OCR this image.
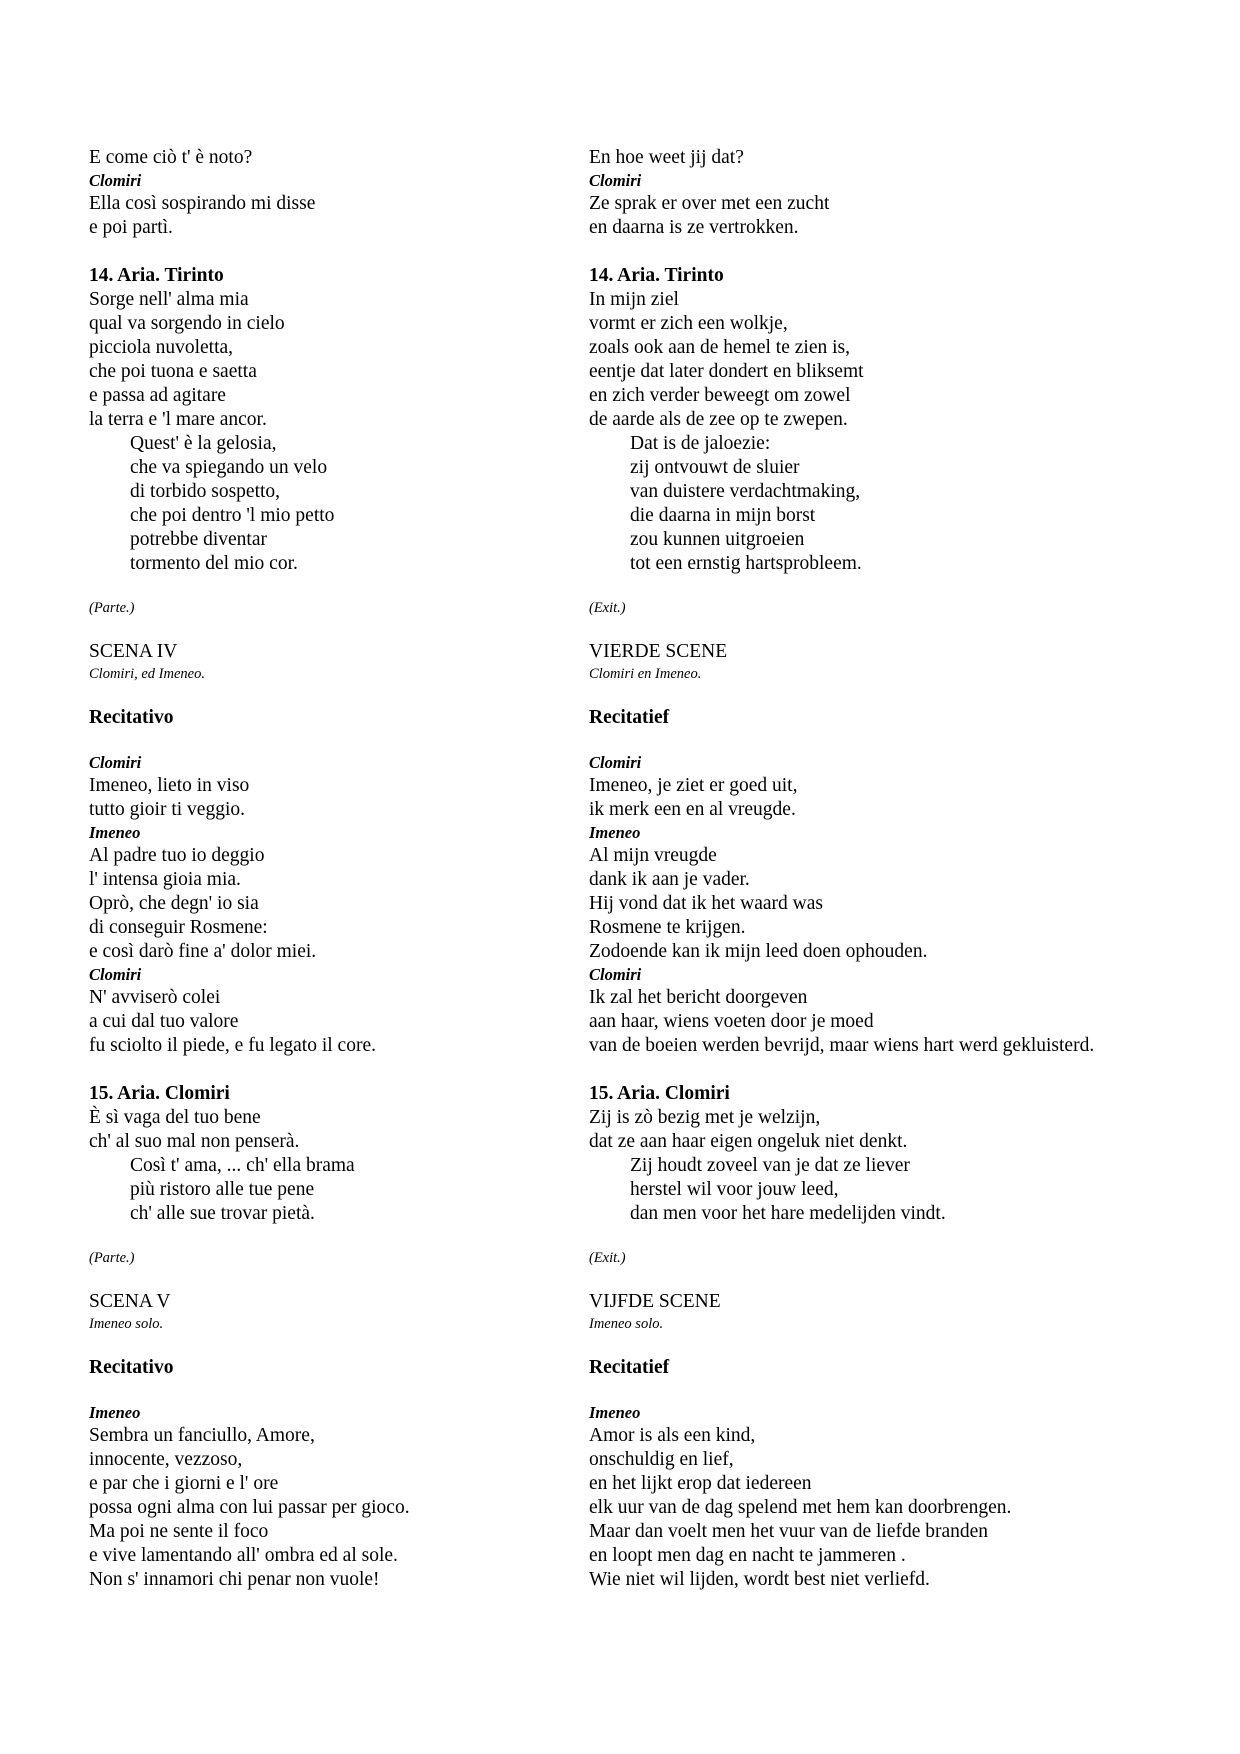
E come ciò t' è noto?
Clomiri
Ella così sospirando mi disse
e poi partì.
14. Aria. Tirinto
Sorge nell' alma mia
qual va sorgendo in cielo
picciola nuvoletta,
che poi tuona e saetta
e passa ad agitare
la terra e 'l mare ancor.
Quest' è la gelosia,
che va spiegando un velo
di torbido sospetto,
che poi dentro 'l mio petto
potrebbe diventar
tormento del mio cor.
(Parte.)
SCENA IV
Clomiri, ed Imeneo.
Recitativo
Clomiri
Imeneo, lieto in viso
tutto gioir ti veggio.
Imeneo
Al padre tuo io deggio
l' intensa gioia mia.
Oprò, che degn' io sia
di conseguir Rosmene:
e così darò fine a' dolor miei.
Clomiri
N' avviserò colei
a cui dal tuo valore
fu sciolto il piede, e fu legato il core.
15. Aria. Clomiri
È sì vaga del tuo bene
ch' al suo mal non penserà.
Così t' ama, ... ch' ella brama
più ristoro alle tue pene
ch' alle sue trovar pietà.
(Parte.)
SCENA V
Imeneo solo.
Recitativo
Imeneo
Sembra un fanciullo, Amore,
innocente, vezzoso,
e par che i giorni e l' ore
possa ogni alma con lui passar per gioco.
Ma poi ne sente il foco
e vive lamentando all' ombra ed al sole.
Non s' innamori chi penar non vuole!
En hoe weet jij dat?
Clomiri
Ze sprak er over met een zucht
en daarna is ze vertrokken.
14. Aria. Tirinto
In mijn ziel
vormt er zich een wolkje,
zoals ook aan de hemel te zien is,
eentje dat later dondert en bliksemt
en zich verder beweegt om zowel
de aarde als de zee op te zwepen.
Dat is de jaloezie:
zij ontvouwt de sluier
van duistere verdachtmaking,
die daarna in mijn borst
zou kunnen uitgroeien
tot een ernstig hartsprobleem.
(Exit.)
VIERDE SCENE
Clomiri en Imeneo.
Recitatief
Clomiri
Imeneo, je ziet er goed uit,
ik merk een en al vreugde.
Imeneo
Al mijn vreugde
dank ik aan je vader.
Hij vond dat ik het waard was
Rosmene te krijgen.
Zodoende kan ik mijn leed doen ophouden.
Clomiri
Ik zal het bericht doorgeven
aan haar, wiens voeten door je moed
van de boeien werden bevrijd, maar wiens hart werd gekluisterd.
15. Aria. Clomiri
Zij is zò bezig met je welzijn,
dat ze aan haar eigen ongeluk niet denkt.
Zij houdt zoveel van je dat ze liever
herstel wil voor jouw leed,
dan men voor het hare medelijden vindt.
(Exit.)
VIJFDE SCENE
Imeneo solo.
Recitatief
Imeneo
Amor is als een kind,
onschuldig en lief,
en het lijkt erop dat iedereen
elk uur van de dag spelend met hem kan doorbrengen.
Maar dan voelt men het vuur van de liefde branden
en loopt men dag en nacht te jammeren .
Wie niet wil lijden, wordt best niet verliefd.
